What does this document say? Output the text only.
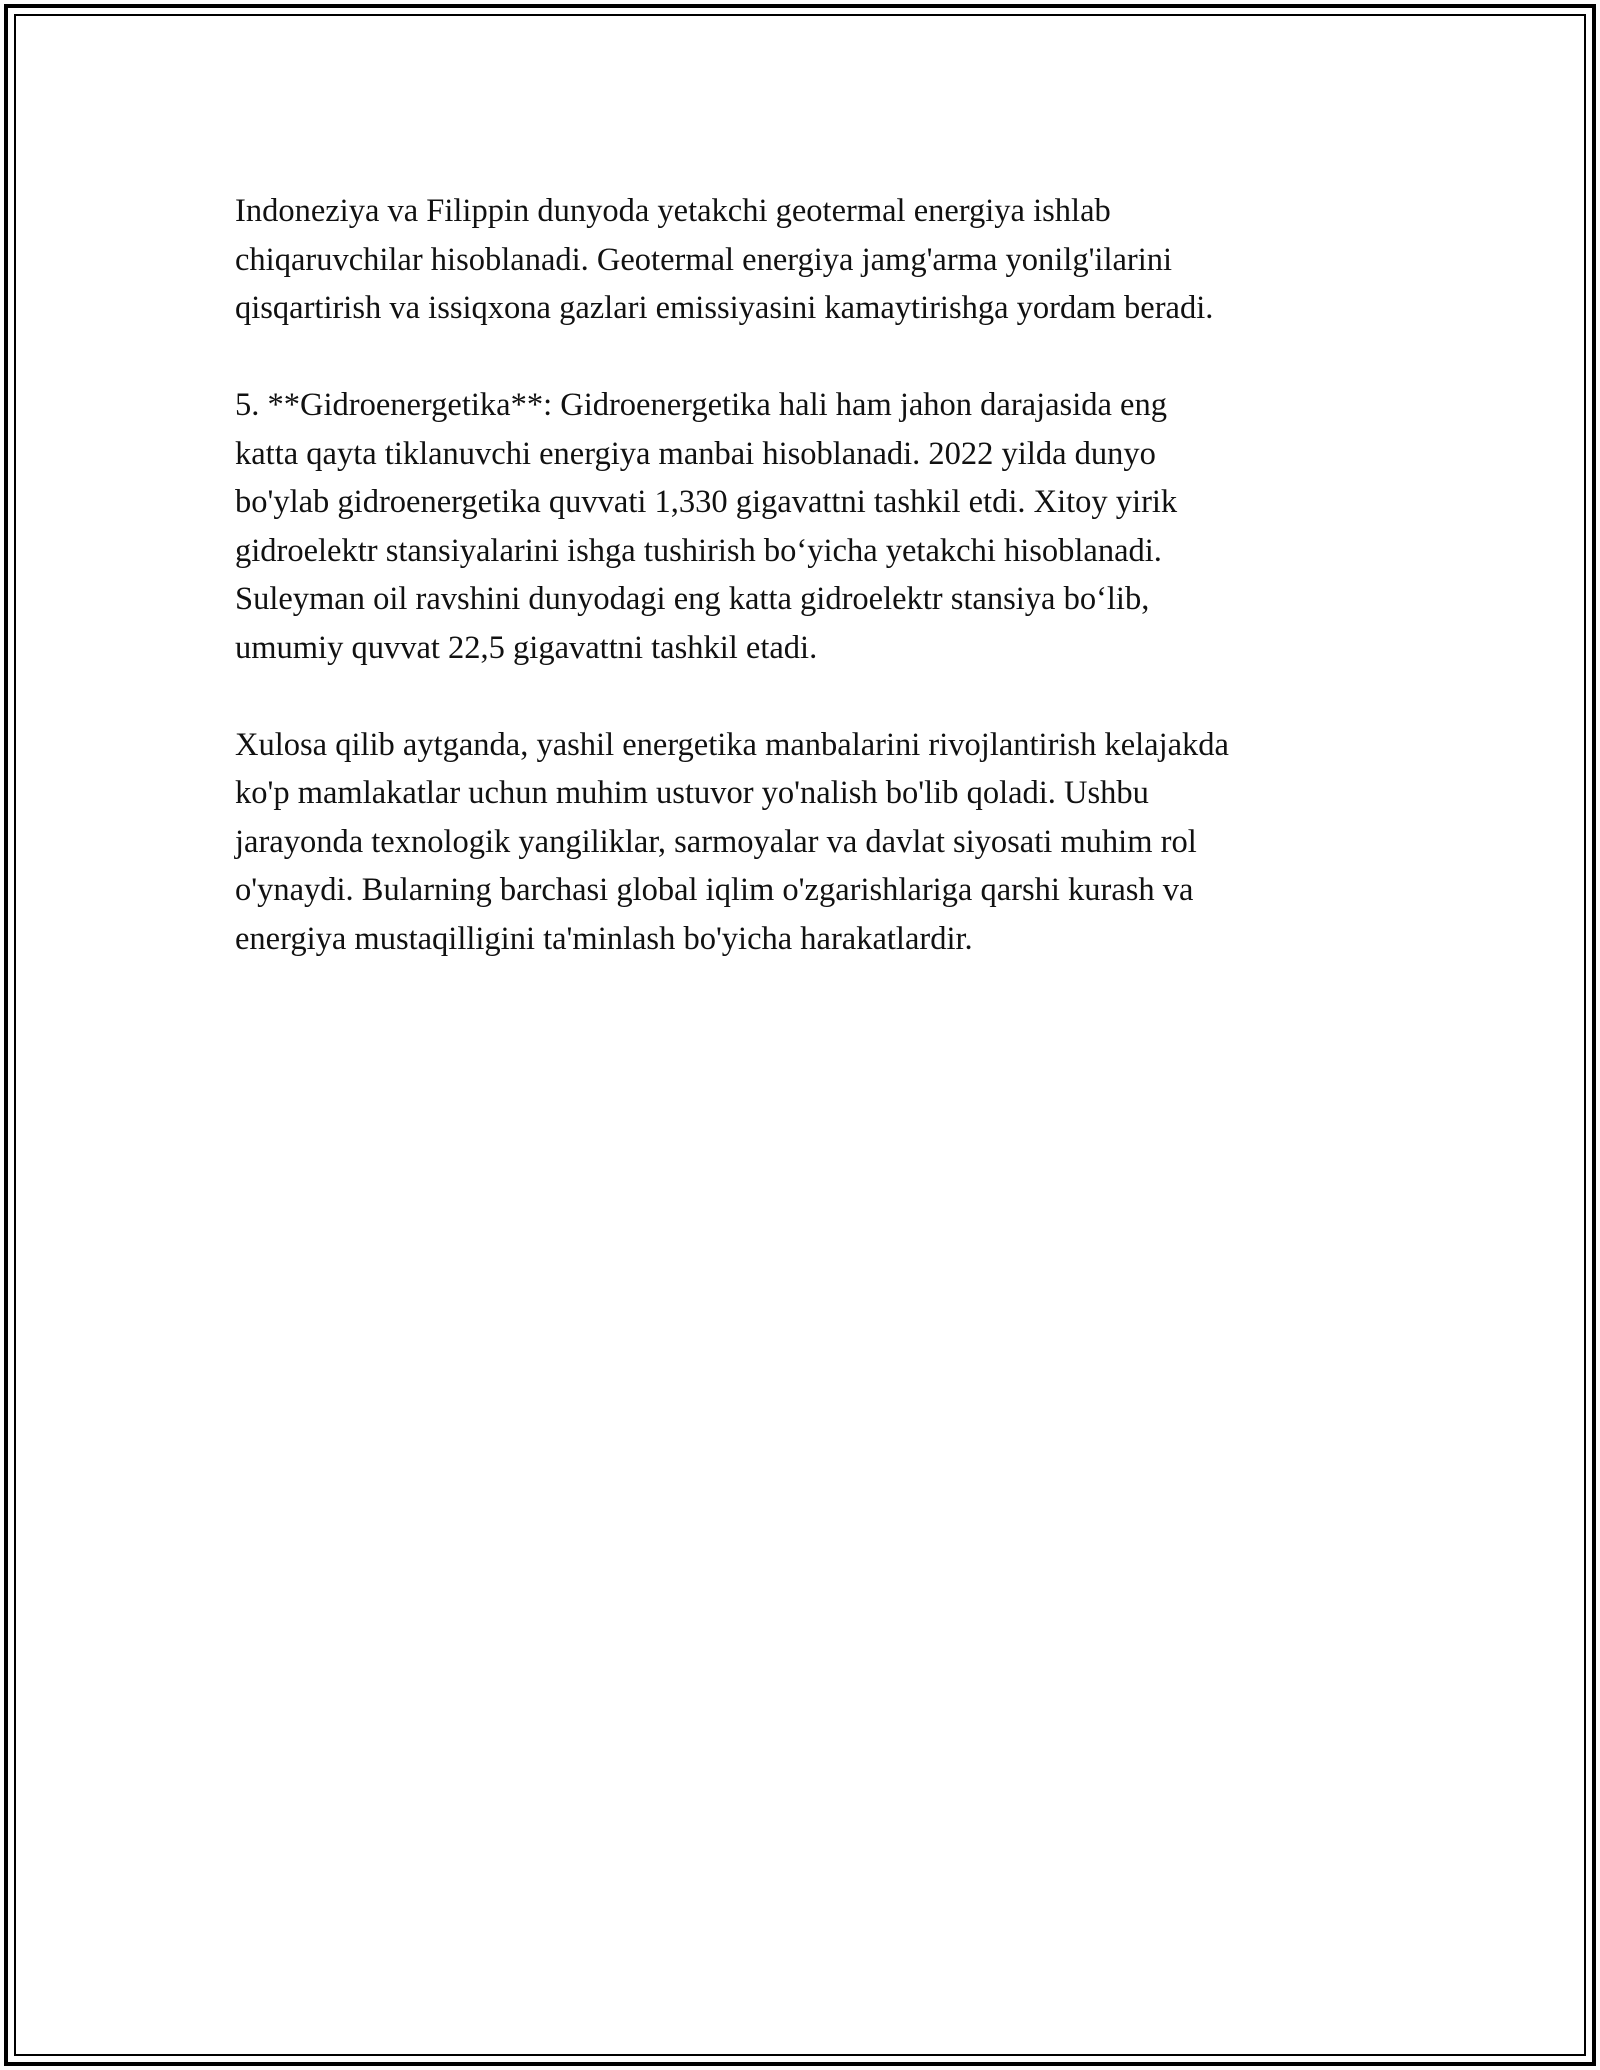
Indoneziya va Filippin dunyoda yetakchi geotermal energiya ishlab
chiqaruvchilar hisoblanadi. Geotermal energiya jamg'arma yonilg'ilarini
qisqartirish va issiqxona gazlari emissiyasini kamaytirishga yordam beradi.

5. **Gidroenergetika**: Gidroenergetika hali ham jahon darajasida eng
katta qayta tiklanuvchi energiya manbai hisoblanadi. 2022 yilda dunyo
bo'ylab gidroenergetika quvvati 1,330 gigavattni tashkil etdi. Xitoy yirik
gidroelektr stansiyalarini ishga tushirish bo‘yicha yetakchi hisoblanadi.
Suleyman oil ravshini dunyodagi eng katta gidroelektr stansiya bo‘lib,
umumiy quvvat 22,5 gigavattni tashkil etadi.

Xulosa qilib aytganda, yashil energetika manbalarini rivojlantirish kelajakda
ko'p mamlakatlar uchun muhim ustuvor yo'nalish bo'lib qoladi. Ushbu
jarayonda texnologik yangiliklar, sarmoyalar va davlat siyosati muhim rol
o'ynaydi. Bularning barchasi global iqlim o'zgarishlariga qarshi kurash va
energiya mustaqilligini ta'minlash bo'yicha harakatlardir.
